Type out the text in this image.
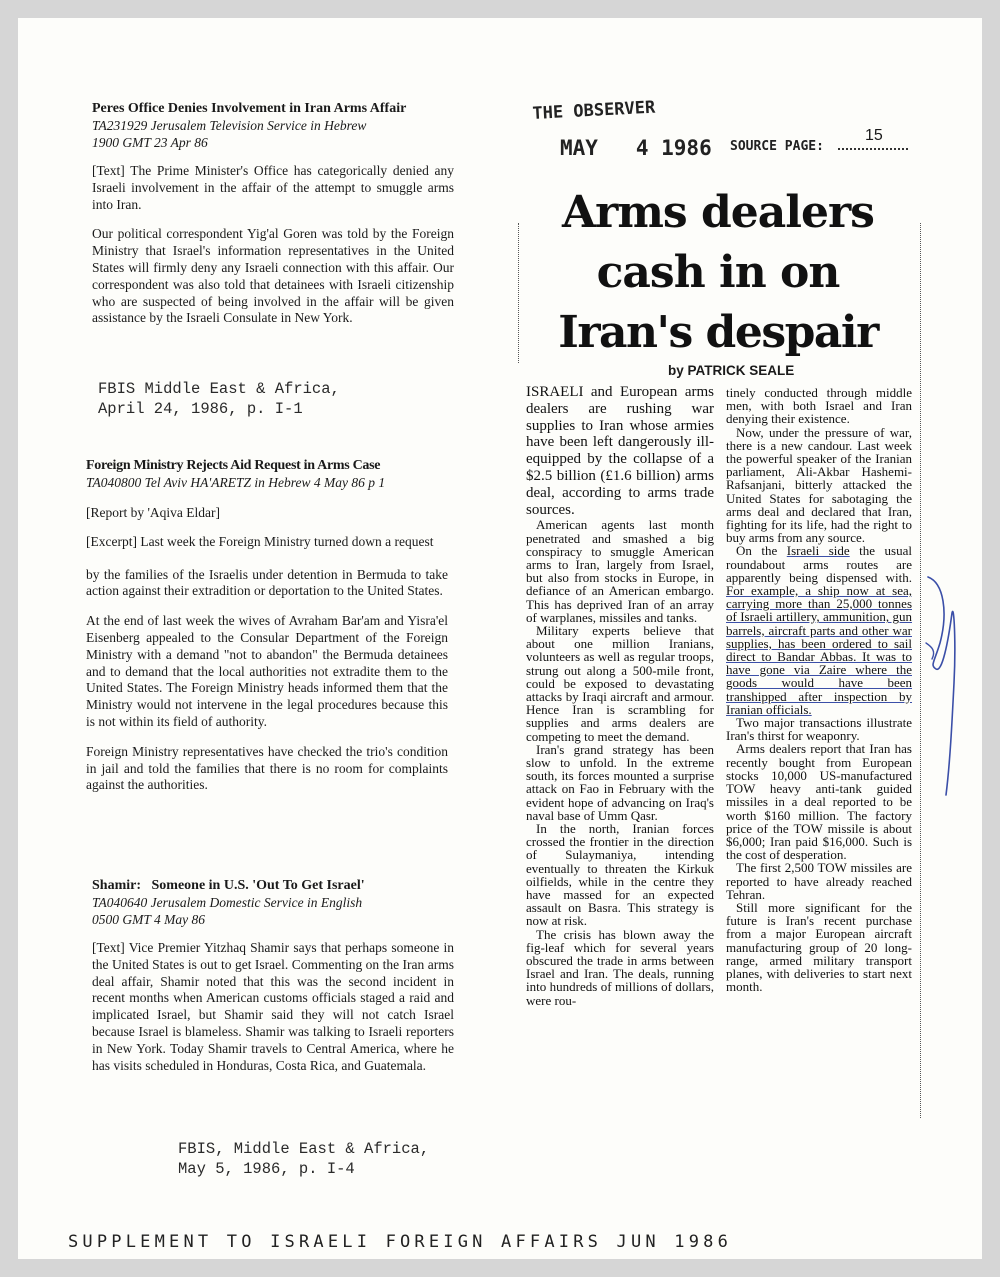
Peres Office Denies Involvement in Iran Arms Affair
TA231929 Jerusalem Television Service in Hebrew
1900 GMT 23 Apr 86

[Text] The Prime Minister's Office has categorically denied any Israeli involvement in the affair of the attempt to smuggle arms into Iran.

Our political correspondent Yig'al Goren was told by the Foreign Ministry that Israel's information representatives in the United States will firmly deny any Israeli connection with this affair. Our correspondent was also told that detainees with Israeli citizenship who are suspected of being involved in the affair will be given assistance by the Israeli Consulate in New York.

FBIS Middle East & Africa,
April 24, 1986, p. I-1
Foreign Ministry Rejects Aid Request in Arms Case
TA040800 Tel Aviv HA'ARETZ in Hebrew 4 May 86 p 1

[Report by 'Aqiva Eldar]

[Excerpt] Last week the Foreign Ministry turned down a request

by the families of the Israelis under detention in Bermuda to take action against their extradition or deportation to the United States.

At the end of last week the wives of Avraham Bar'am and Yisra'el Eisenberg appealed to the Consular Department of the Foreign Ministry with a demand "not to abandon" the Bermuda detainees and to demand that the local authorities not extradite them to the United States. The Foreign Ministry heads informed them that the Ministry would not intervene in the legal procedures because this is not within its field of authority.

Foreign Ministry representatives have checked the trio's condition in jail and told the families that there is no room for complaints against the authorities.

Shamir:   Someone in U.S. 'Out To Get Israel'
TA040640 Jerusalem Domestic Service in English
0500 GMT 4 May 86

[Text] Vice Premier Yitzhaq Shamir says that perhaps someone in the United States is out to get Israel. Commenting on the Iran arms deal affair, Shamir noted that this was the second incident in recent months when American customs officials staged a raid and implicated Israel, but Shamir said they will not catch Israel because Israel is blameless. Shamir was talking to Israeli reporters in New York. Today Shamir travels to Central America, where he has visits scheduled in Honduras, Costa Rica, and Guatemala.

FBIS, Middle East & Africa,
May 5, 1986, p. I-4
THE OBSERVER
MAY   4 1986 SOURCE PAGE:
15
Arms dealers
cash in on
Iran's despair
by PATRICK SEALE

ISRAELI and European arms dealers are rushing war supplies to Iran whose armies have been left dangerously ill-equipped by the collapse of a $2.5 billion (£1.6 billion) arms deal, according to arms trade sources.

American agents last month penetrated and smashed a big conspiracy to smuggle American arms to Iran, largely from Israel, but also from stocks in Europe, in defiance of an American embargo. This has deprived Iran of an array of warplanes, missiles and tanks.

Military experts believe that about one million Iranians, volunteers as well as regular troops, strung out along a 500-mile front, could be exposed to devastating attacks by Iraqi aircraft and armour. Hence Iran is scrambling for supplies and arms dealers are competing to meet the demand.

Iran's grand strategy has been slow to unfold. In the extreme south, its forces mounted a surprise attack on Fao in February with the evident hope of advancing on Iraq's naval base of Umm Qasr.

In the north, Iranian forces crossed the frontier in the direction of Sulaymaniya, intending eventually to threaten the Kirkuk oilfields, while in the centre they have massed for an expected assault on Basra. This strategy is now at risk.

The crisis has blown away the fig-leaf which for several years obscured the trade in arms between Israel and Iran. The deals, running into hundreds of millions of dollars, were rou-

tinely conducted through middle men, with both Israel and Iran denying their existence.

Now, under the pressure of war, there is a new candour. Last week the powerful speaker of the Iranian parliament, Ali-Akbar Hashemi-Rafsanjani, bitterly attacked the United States for sabotaging the arms deal and declared that Iran, fighting for its life, had the right to buy arms from any source.

On the Israeli side the usual roundabout arms routes are apparently being dispensed with. For example, a ship now at sea, carrying more than 25,000 tonnes of Israeli artillery, ammunition, gun barrels, aircraft parts and other war supplies, has been ordered to sail direct to Bandar Abbas. It was to have gone via Zaire where the goods would have been transhipped after inspection by Iranian officials.

Two major transactions illustrate Iran's thirst for weaponry.

Arms dealers report that Iran has recently bought from European stocks 10,000 US-manufactured TOW heavy anti-tank guided missiles in a deal reported to be worth $160 million. The factory price of the TOW missile is about $6,000; Iran paid $16,000. Such is the cost of desperation.

The first 2,500 TOW missiles are reported to have already reached Tehran.

Still more significant for the future is Iran's recent purchase from a major European aircraft manufacturing group of 20 long-range, armed military transport planes, with deliveries to start next month.

SUPPLEMENT TO ISRAELI FOREIGN AFFAIRS JUN 1986
